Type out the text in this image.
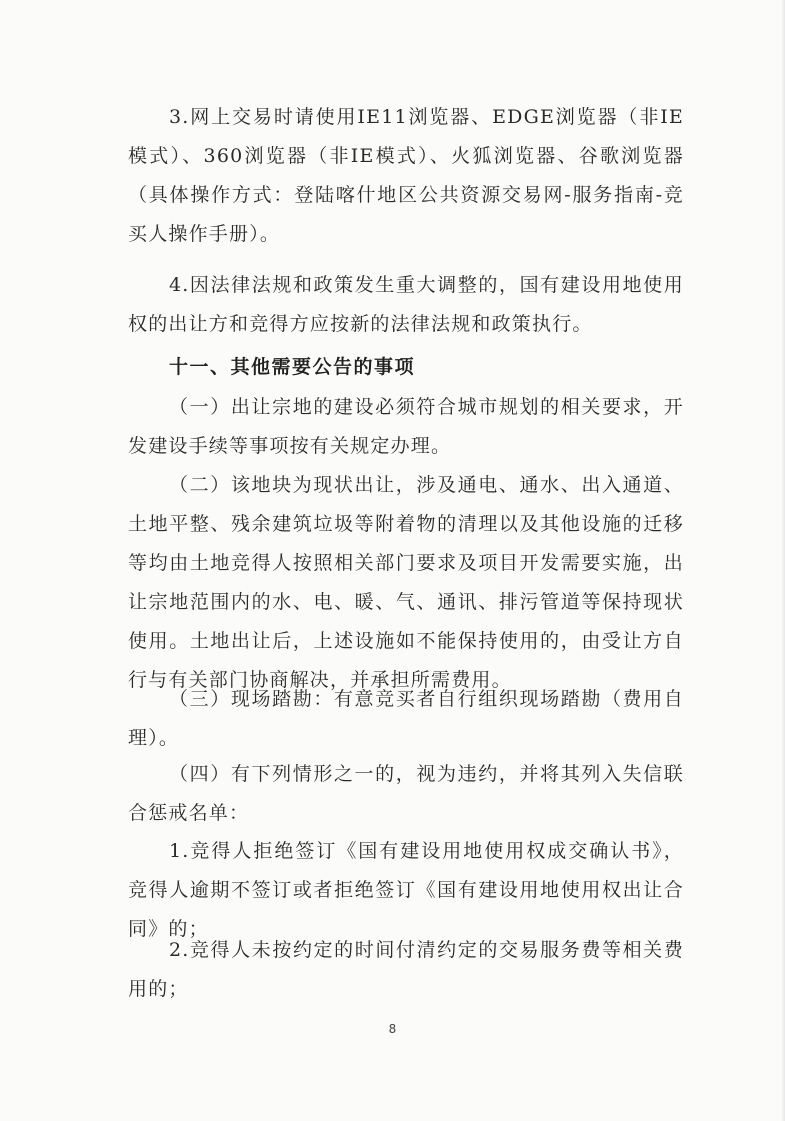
3.网上交易时请使用IE11浏览器、EDGE浏览器（非IE模式）、360浏览器（非IE模式）、火狐浏览器、谷歌浏览器（具体操作方式：登陆喀什地区公共资源交易网-服务指南-竞买人操作手册）。

4.因法律法规和政策发生重大调整的，国有建设用地使用权的出让方和竞得方应按新的法律法规和政策执行。

十一、其他需要公告的事项

（一）出让宗地的建设必须符合城市规划的相关要求，开发建设手续等事项按有关规定办理。

（二）该地块为现状出让，涉及通电、通水、出入通道、土地平整、残余建筑垃圾等附着物的清理以及其他设施的迁移等均由土地竞得人按照相关部门要求及项目开发需要实施，出让宗地范围内的水、电、暖、气、通讯、排污管道等保持现状使用。土地出让后，上述设施如不能保持使用的，由受让方自行与有关部门协商解决，并承担所需费用。

（三）现场踏勘：有意竞买者自行组织现场踏勘（费用自理）。

（四）有下列情形之一的，视为违约，并将其列入失信联合惩戒名单：

1.竞得人拒绝签订《国有建设用地使用权成交确认书》，竞得人逾期不签订或者拒绝签订《国有建设用地使用权出让合同》的；

2.竞得人未按约定的时间付清约定的交易服务费等相关费用的；

8
